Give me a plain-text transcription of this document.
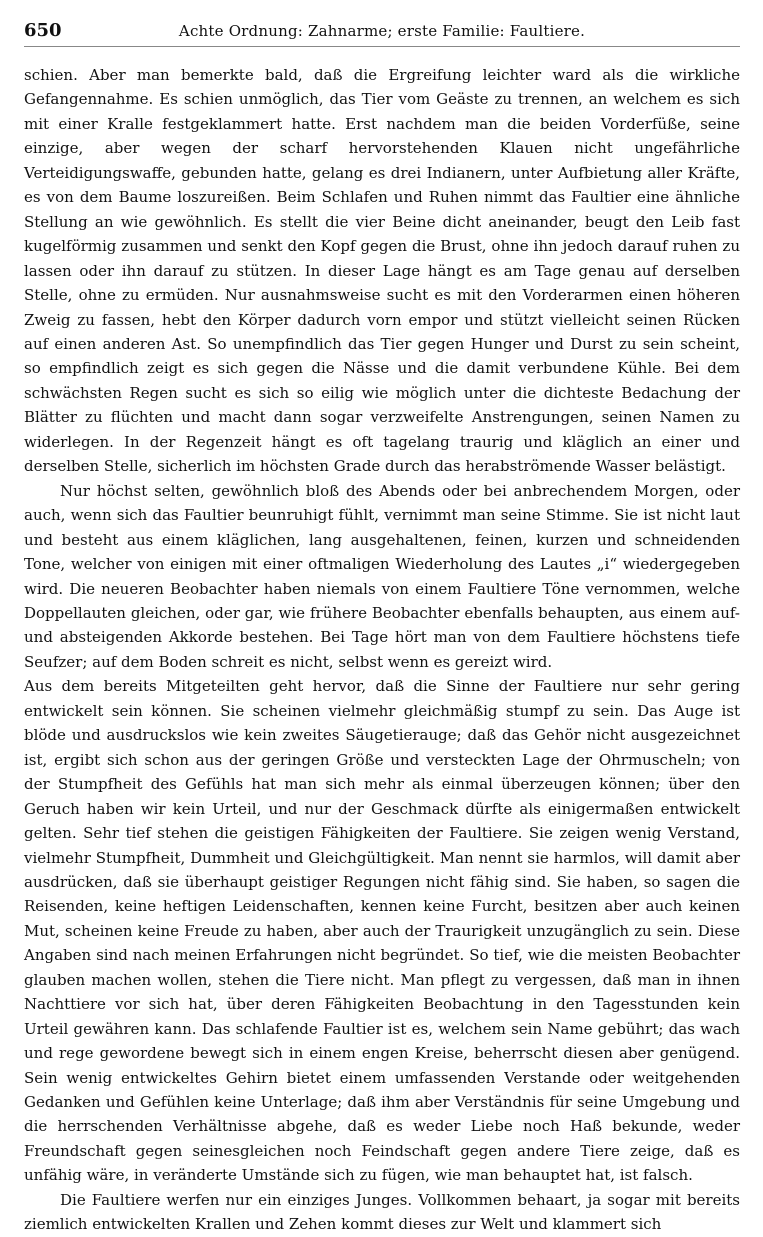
650	Achte Ordnung: Zahnarme; erste Familie: Faultiere.

schien. Aber man bemerkte bald, daß die Ergreifung leichter ward als die wirkliche Gefangennahme. Es schien unmöglich, das Tier vom Geäste zu trennen, an welchem es sich mit einer Kralle festgeklammert hatte. Erst nachdem man die beiden Vorderfüße, seine einzige, aber wegen der scharf hervorstehenden Klauen nicht ungefährliche Verteidigungswaffe, gebunden hatte, gelang es drei Indianern, unter Aufbietung aller Kräfte, es von dem Baume loszureißen. Beim Schlafen und Ruhen nimmt das Faultier eine ähnliche Stellung an wie gewöhnlich. Es stellt die vier Beine dicht aneinander, beugt den Leib fast kugelförmig zusammen und senkt den Kopf gegen die Brust, ohne ihn jedoch darauf ruhen zu lassen oder ihn darauf zu stützen. In dieser Lage hängt es am Tage genau auf derselben Stelle, ohne zu ermüden. Nur ausnahmsweise sucht es mit den Vorderarmen einen höheren Zweig zu fassen, hebt den Körper dadurch vorn empor und stützt vielleicht seinen Rücken auf einen anderen Ast. So unempfindlich das Tier gegen Hunger und Durst zu sein scheint, so empfindlich zeigt es sich gegen die Nässe und die damit verbundene Kühle. Bei dem schwächsten Regen sucht es sich so eilig wie möglich unter die dichteste Bedachung der Blätter zu flüchten und macht dann sogar verzweifelte Anstrengungen, seinen Namen zu widerlegen. In der Regenzeit hängt es oft tagelang traurig und kläglich an einer und derselben Stelle, sicherlich im höchsten Grade durch das herabströmende Wasser belästigt.

Nur höchst selten, gewöhnlich bloß des Abends oder bei anbrechendem Morgen, oder auch, wenn sich das Faultier beunruhigt fühlt, vernimmt man seine Stimme. Sie ist nicht laut und besteht aus einem kläglichen, lang ausgehaltenen, feinen, kurzen und schneidenden Tone, welcher von einigen mit einer oftmaligen Wiederholung des Lautes „i“ wiedergegeben wird. Die neueren Beobachter haben niemals von einem Faultiere Töne vernommen, welche Doppellauten gleichen, oder gar, wie frühere Beobachter ebenfalls behaupten, aus einem auf- und absteigenden Akkorde bestehen. Bei Tage hört man von dem Faultiere höchstens tiefe Seufzer; auf dem Boden schreit es nicht, selbst wenn es gereizt wird.

Aus dem bereits Mitgeteilten geht hervor, daß die Sinne der Faultiere nur sehr gering entwickelt sein können. Sie scheinen vielmehr gleichmäßig stumpf zu sein. Das Auge ist blöde und ausdruckslos wie kein zweites Säugetierauge; daß das Gehör nicht ausgezeichnet ist, ergibt sich schon aus der geringen Größe und versteckten Lage der Ohrmuscheln; von der Stumpfheit des Gefühls hat man sich mehr als einmal überzeugen können; über den Geruch haben wir kein Urteil, und nur der Geschmack dürfte als einigermaßen entwickelt gelten. Sehr tief stehen die geistigen Fähigkeiten der Faultiere. Sie zeigen wenig Verstand, vielmehr Stumpfheit, Dummheit und Gleichgültigkeit. Man nennt sie harmlos, will damit aber ausdrücken, daß sie überhaupt geistiger Regungen nicht fähig sind. Sie haben, so sagen die Reisenden, keine heftigen Leidenschaften, kennen keine Furcht, besitzen aber auch keinen Mut, scheinen keine Freude zu haben, aber auch der Traurigkeit unzugänglich zu sein. Diese Angaben sind nach meinen Erfahrungen nicht begründet. So tief, wie die meisten Beobachter glauben machen wollen, stehen die Tiere nicht. Man pflegt zu vergessen, daß man in ihnen Nachttiere vor sich hat, über deren Fähigkeiten Beobachtung in den Tagesstunden kein Urteil gewähren kann. Das schlafende Faultier ist es, welchem sein Name gebührt; das wach und rege gewordene bewegt sich in einem engen Kreise, beherrscht diesen aber genügend. Sein wenig entwickeltes Gehirn bietet einem umfassenden Verstande oder weitgehenden Gedanken und Gefühlen keine Unterlage; daß ihm aber Verständnis für seine Umgebung und die herrschenden Verhältnisse abgehe, daß es weder Liebe noch Haß bekunde, weder Freundschaft gegen seinesgleichen noch Feindschaft gegen andere Tiere zeige, daß es unfähig wäre, in veränderte Umstände sich zu fügen, wie man behauptet hat, ist falsch.

Die Faultiere werfen nur ein einziges Junges. Vollkommen behaart, ja sogar mit bereits ziemlich entwickelten Krallen und Zehen kommt dieses zur Welt und klammert sich
